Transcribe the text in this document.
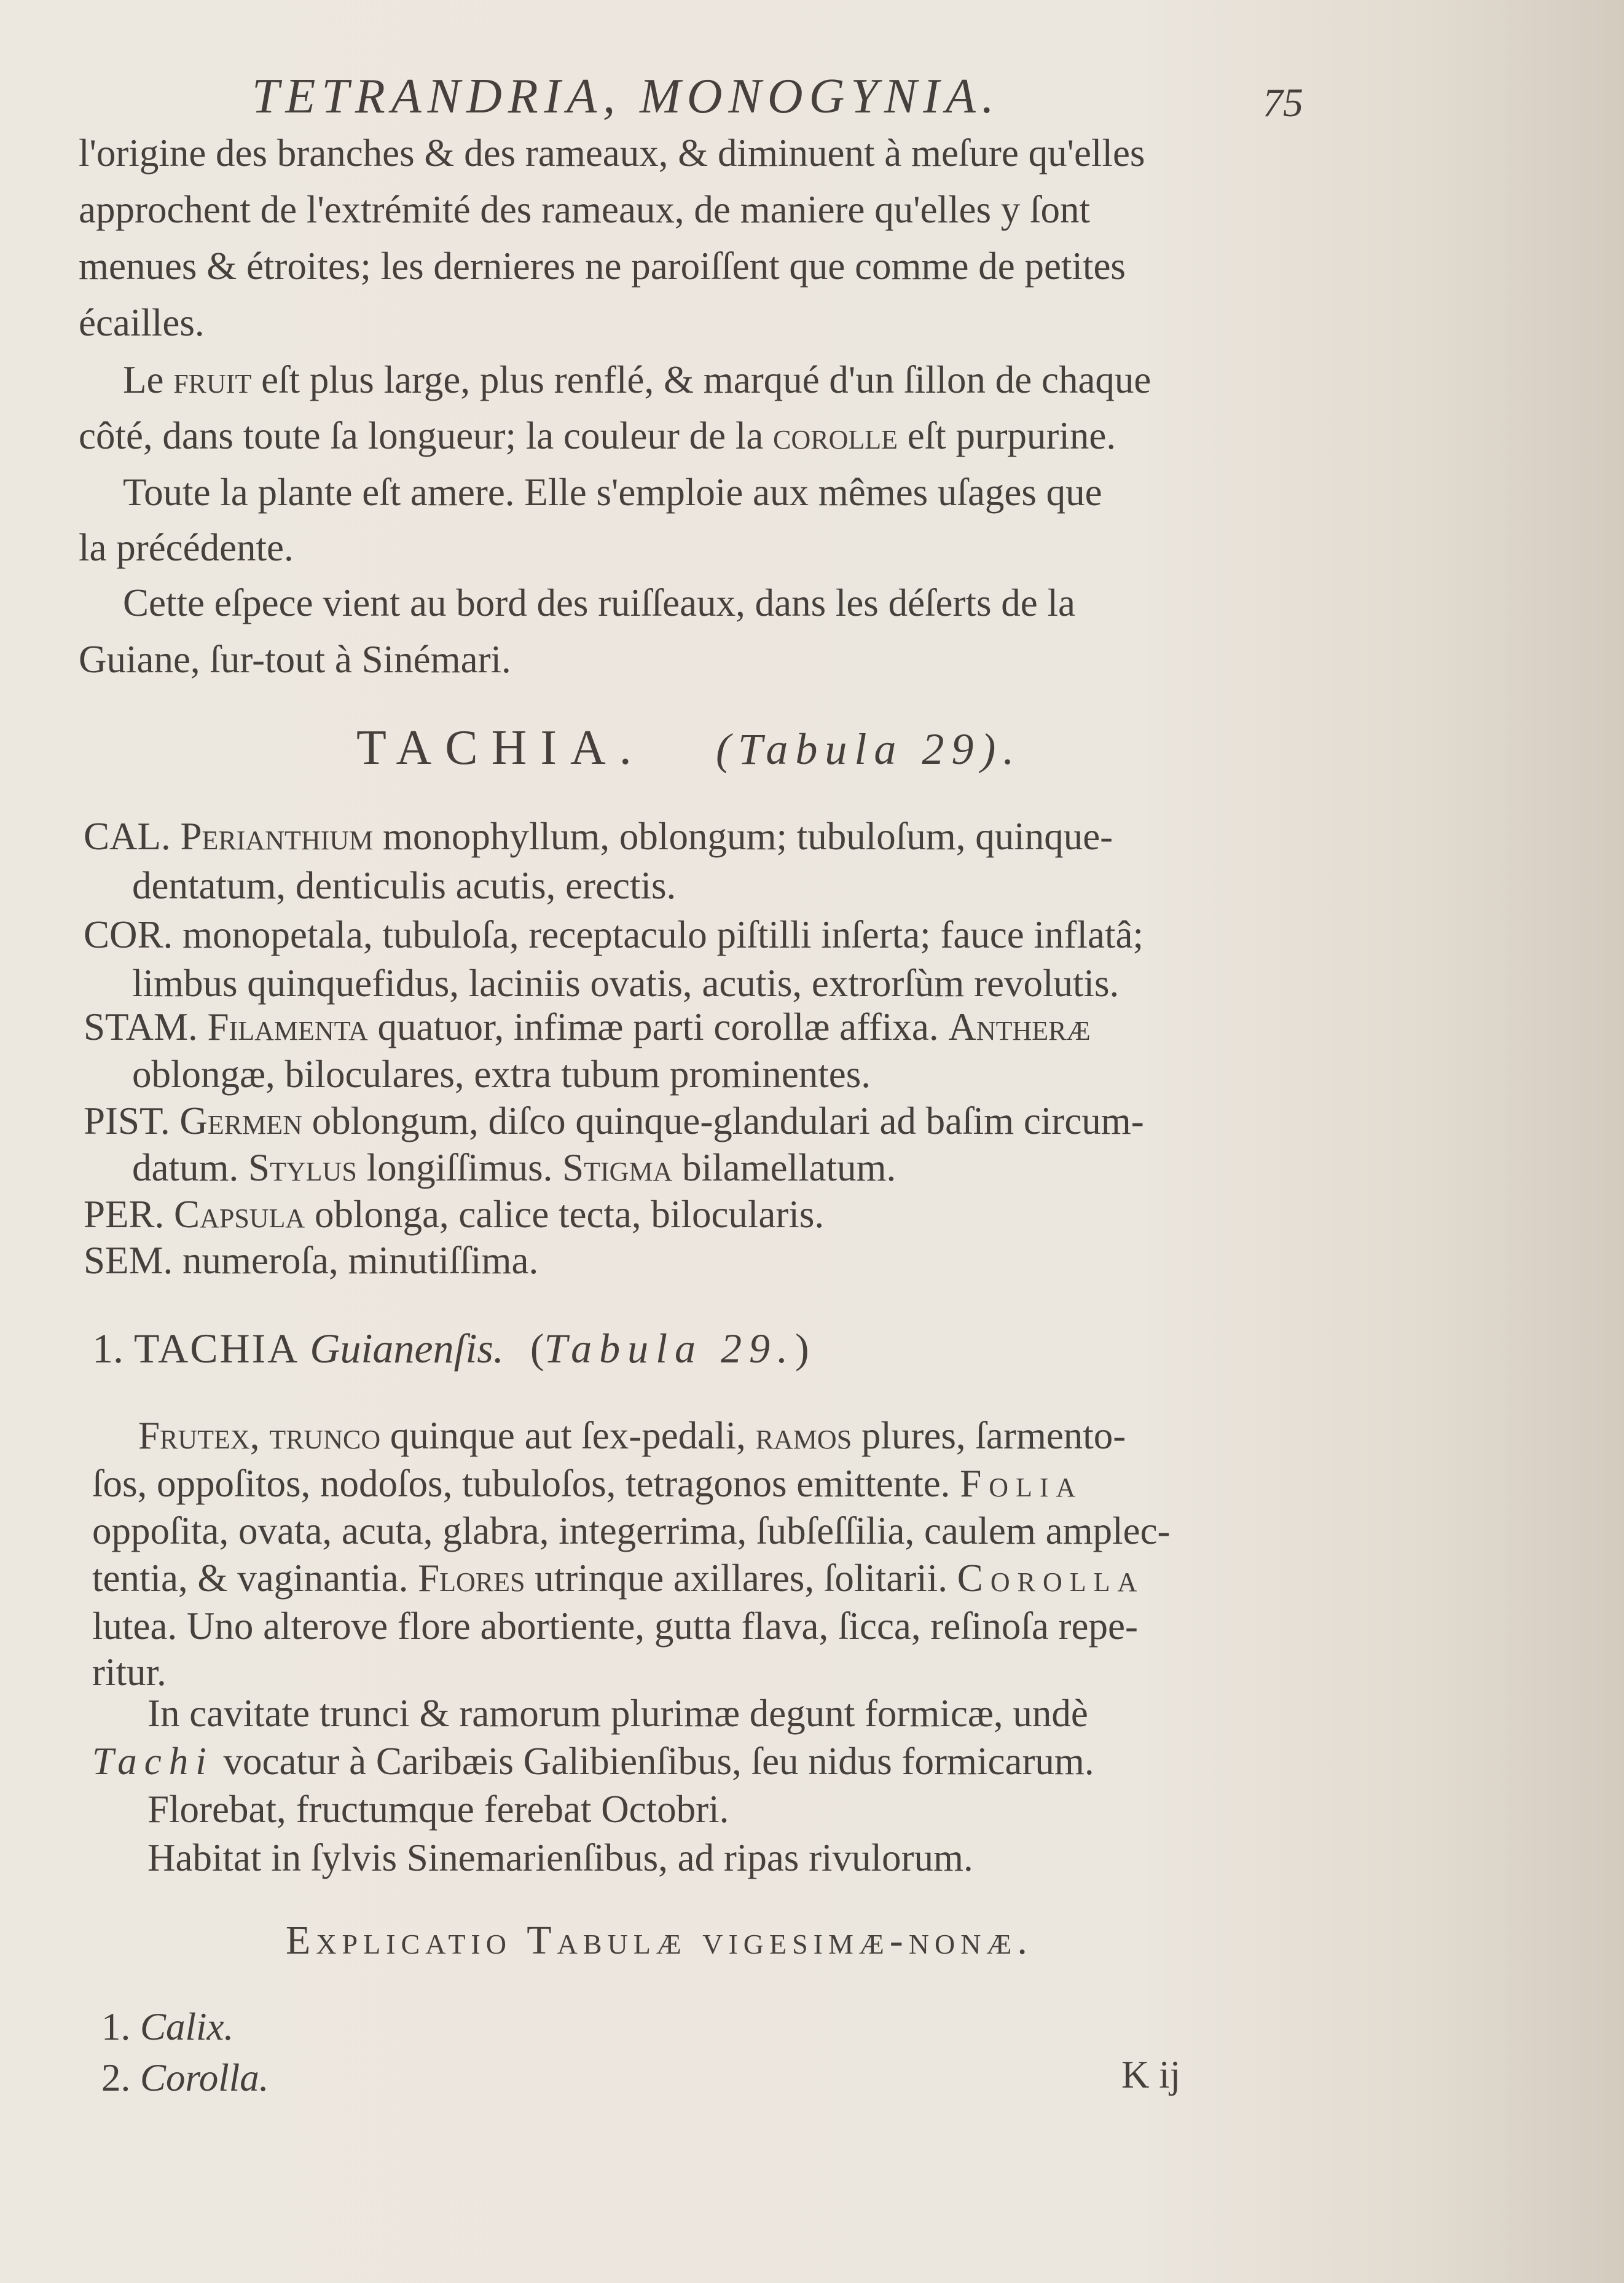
TETRANDRIA, MONOGYNIA.	75
l'origine des branches & des rameaux, & diminuent à meſure qu'elles
approchent de l'extrémité des rameaux, de maniere qu'elles y ſont
menues & étroites; les dernieres ne paroiſſent que comme de petites
écailles.
Le fruit eſt plus large, plus renflé, & marqué d'un ſillon de chaque
côté, dans toute ſa longueur; la couleur de la corolle eſt purpurine.
Toute la plante eſt amere. Elle s'emploie aux mêmes uſages que
la précédente.
Cette eſpece vient au bord des ruiſſeaux, dans les déſerts de la
Guiane, ſur-tout à Sinémari.
TACHIA. (Tabula 29).
CAL. Perianthium monophyllum, oblongum; tubuloſum, quinque-
dentatum, denticulis acutis, erectis.
COR. monopetala, tubuloſa, receptaculo piſtilli inſerta; fauce inflatâ;
limbus quinquefidus, laciniis ovatis, acutis, extrorſùm revolutis.
STAM. Filamenta quatuor, infimæ parti corollæ affixa. Antheræ
oblongæ, biloculares, extra tubum prominentes.
PIST. Germen oblongum, diſco quinque-glandulari ad baſim circum-
datum. Stylus longiſſimus. Stigma bilamellatum.
PER. Capsula oblonga, calice tecta, bilocularis.
SEM. numeroſa, minutiſſima.
1. TACHIA Guianenſis. (Tabula 29.)
Frutex, trunco quinque aut ſex-pedali, ramos plures, ſarmento-
ſos, oppoſitos, nodoſos, tubuloſos, tetragonos emittente. Folia
oppoſita, ovata, acuta, glabra, integerrima, ſubſeſſilia, caulem amplec-
tentia, & vaginantia. Flores utrinque axillares, ſolitarii. Corolla
lutea. Uno alterove flore abortiente, gutta flava, ſicca, reſinoſa repe-
ritur.
In cavitate trunci & ramorum plurimæ degunt formicæ, undè
Tachi vocatur à Caribæis Galibienſibus, ſeu nidus formicarum.
Florebat, fructumque ferebat Octobri.
Habitat in ſylvis Sinemarienſibus, ad ripas rivulorum.
Explicatio Tabulæ vigesimæ-nonæ.
1. Calix.
2. Corolla.	K ij
